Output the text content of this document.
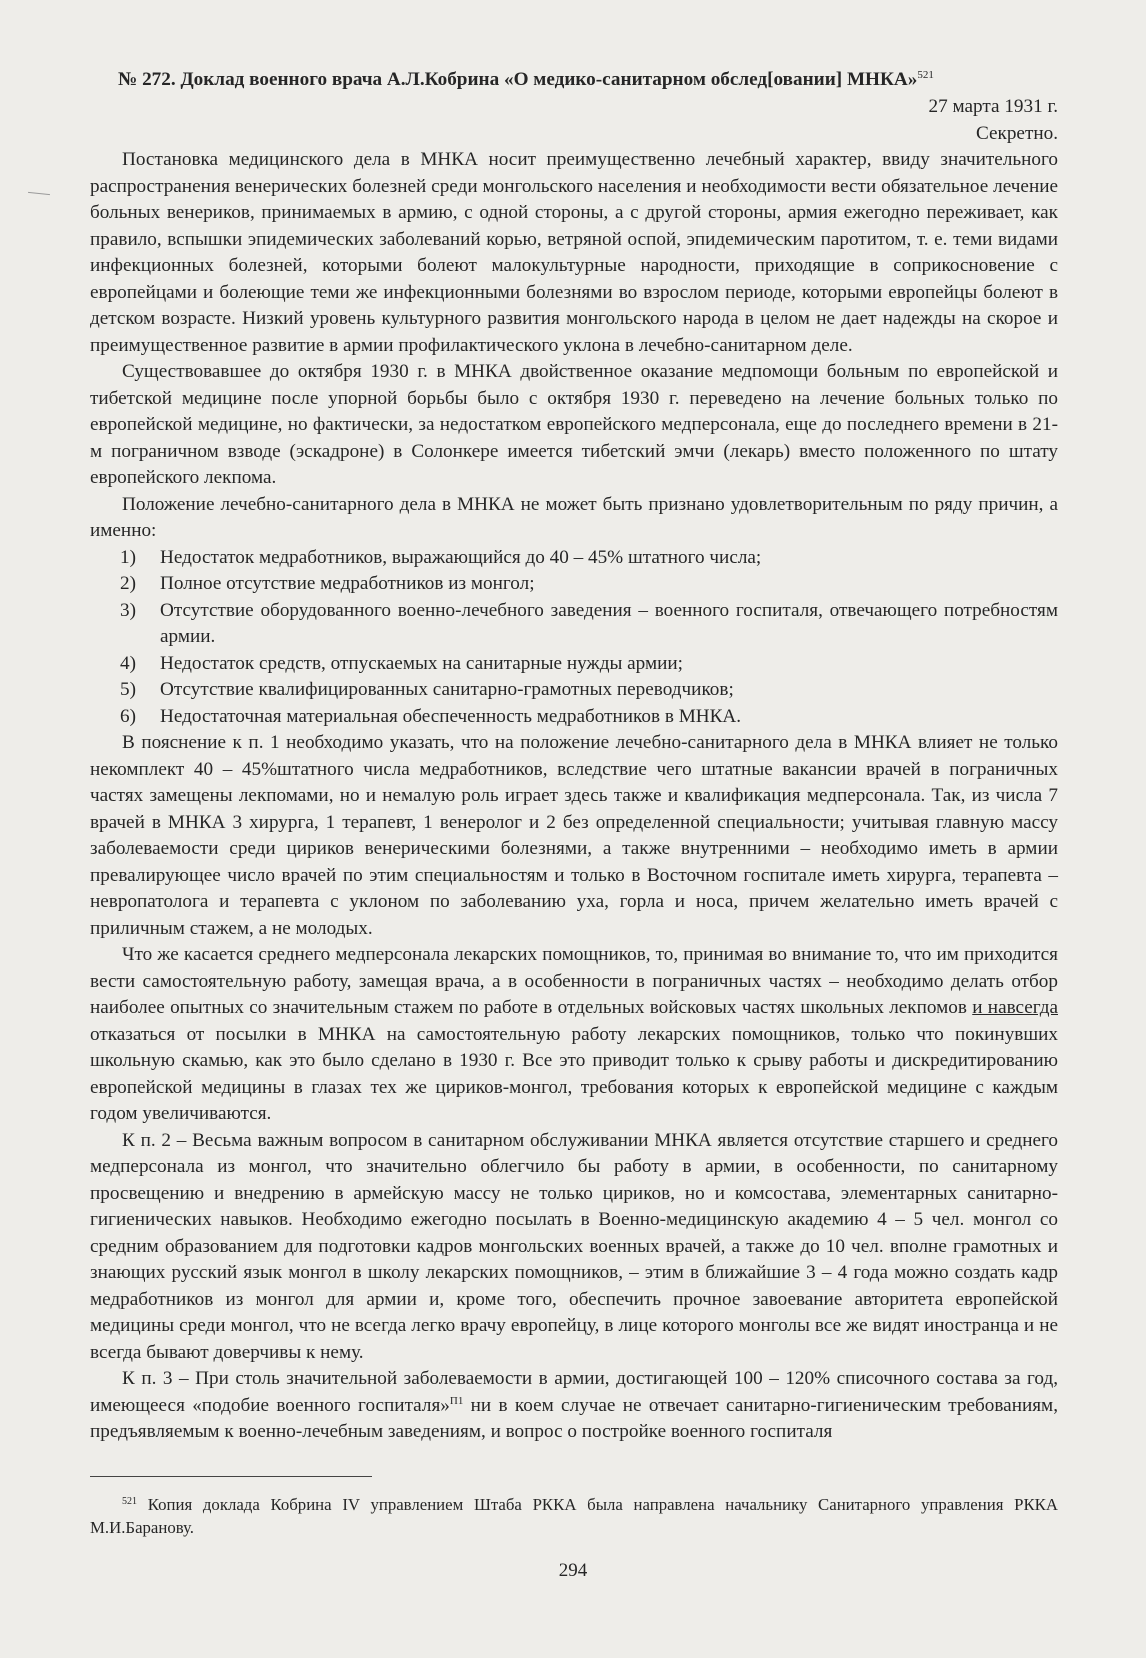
№ 272. Доклад военного врача А.Л.Кобрина «О медико-санитарном обслед[овании] МНКА»$^{521}$
27 марта 1931 г.
Секретно.

Постановка медицинского дела в МНКА носит преимущественно лечебный характер, ввиду значительного распространения венерических болезней среди монгольского населения и необходимости вести обязательное лечение больных венериков, принимаемых в армию, с одной стороны, а с другой стороны, армия ежегодно переживает, как правило, вспышки эпидемических заболеваний корью, ветряной оспой, эпидемическим паротитом, т. е. теми видами инфекционных болезней, которыми болеют малокультурные народности, приходящие в соприкосновение с европейцами и болеющие теми же инфекционными болезнями во взрослом периоде, которыми европейцы болеют в детском возрасте. Низкий уровень культурного развития монгольского народа в целом не дает надежды на скорое и преимущественное развитие в армии профилактического уклона в лечебно-санитарном деле.

Существовавшее до октября 1930 г. в МНКА двойственное оказание медпомощи больным по европейской и тибетской медицине после упорной борьбы было с октября 1930 г. переведено на лечение больных только по европейской медицине, но фактически, за недостатком европейского медперсонала, еще до последнего времени в 21-м пограничном взводе (эскадроне) в Солонкере имеется тибетский эмчи (лекарь) вместо положенного по штату европейского лекпома.

Положение лечебно-санитарного дела в МНКА не может быть признано удовлетворительным по ряду причин, а именно:

1) Недостаток медработников, выражающийся до 40 – 45% штатного числа;
2) Полное отсутствие медработников из монгол;
3) Отсутствие оборудованного военно-лечебного заведения – военного госпиталя, отвечающего потребностям армии.
4) Недостаток средств, отпускаемых на санитарные нужды армии;
5) Отсутствие квалифицированных санитарно-грамотных переводчиков;
6) Недостаточная материальная обеспеченность медработников в МНКА.

В пояснение к п. 1 необходимо указать, что на положение лечебно-санитарного дела в МНКА влияет не только некомплект 40 – 45%штатного числа медработников, вследствие чего штатные вакансии врачей в пограничных частях замещены лекпомами, но и немалую роль играет здесь также и квалификация медперсонала. Так, из числа 7 врачей в МНКА 3 хирурга, 1 терапевт, 1 венеролог и 2 без определенной специальности; учитывая главную массу заболеваемости среди цириков венерическими болезнями, а также внутренними – необходимо иметь в армии превалирующее число врачей по этим специальностям и только в Восточном госпитале иметь хирурга, терапевта – невропатолога и терапевта с уклоном по заболеванию уха, горла и носа, причем желательно иметь врачей с приличным стажем, а не молодых.

Что же касается среднего медперсонала лекарских помощников, то, принимая во внимание то, что им приходится вести самостоятельную работу, замещая врача, а в особенности в пограничных частях – необходимо делать отбор наиболее опытных со значительным стажем по работе в отдельных войсковых частях школьных лекпомов и навсегда отказаться от посылки в МНКА на самостоятельную работу лекарских помощников, только что покинувших школьную скамью, как это было сделано в 1930 г. Все это приводит только к срыву работы и дискредитированию европейской медицины в глазах тех же цириков-монгол, требования которых к европейской медицине с каждым годом увеличиваются.

К п. 2 – Весьма важным вопросом в санитарном обслуживании МНКА является отсутствие старшего и среднего медперсонала из монгол, что значительно облегчило бы работу в армии, в особенности, по санитарному просвещению и внедрению в армейскую массу не только цириков, но и комсостава, элементарных санитарно-гигиенических навыков. Необходимо ежегодно посылать в Военно-медицинскую академию 4 – 5 чел. монгол со средним образованием для подготовки кадров монгольских военных врачей, а также до 10 чел. вполне грамотных и знающих русский язык монгол в школу лекарских помощников, – этим в ближайшие 3 – 4 года можно создать кадр медработников из монгол для армии и, кроме того, обеспечить прочное завоевание авторитета европейской медицины среди монгол, что не всегда легко врачу европейцу, в лице которого монголы все же видят иностранца и не всегда бывают доверчивы к нему.

К п. 3 – При столь значительной заболеваемости в армии, достигающей 100 – 120% списочного состава за год, имеющееся «подобие военного госпиталя»$^{П1}$ ни в коем случае не отвечает санитарно-гигиеническим требованиям, предъявляемым к военно-лечебным заведениям, и вопрос о постройке военного госпиталя

$^{521}$ Копия доклада Кобрина IV управлением Штаба РККА была направлена начальнику Санитарного управления РККА М.И.Баранову.
294
